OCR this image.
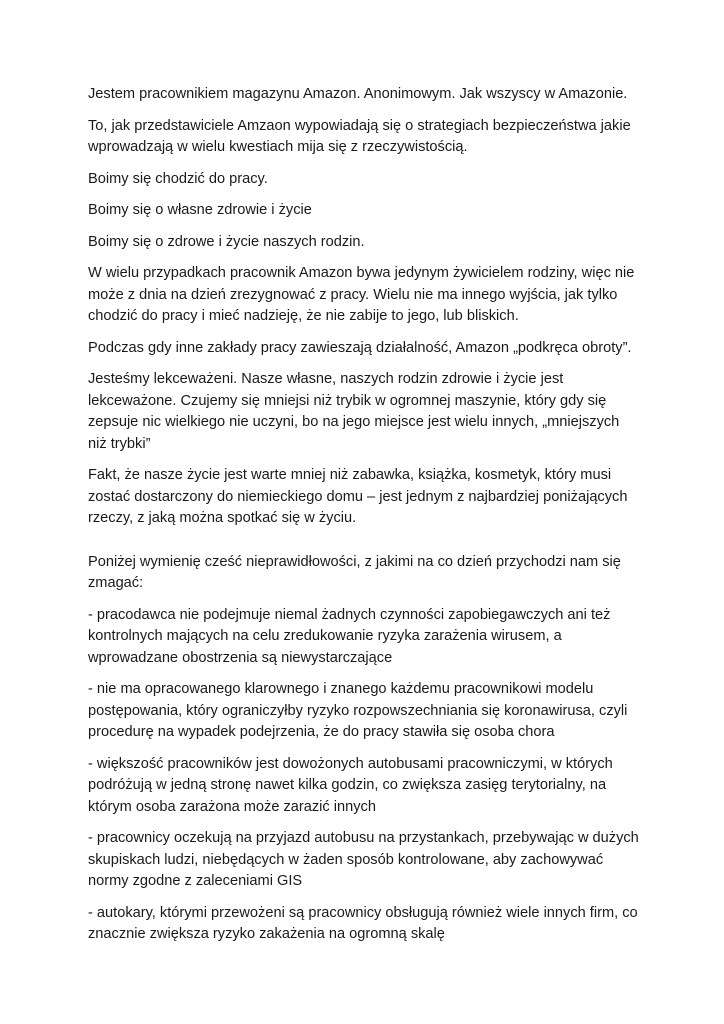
Jestem pracownikiem magazynu Amazon. Anonimowym. Jak wszyscy w Amazonie.

To, jak przedstawiciele Amzaon wypowiadają się o strategiach bezpieczeństwa jakie
wprowadzają w wielu kwestiach mija się z rzeczywistością.

Boimy się chodzić do pracy.

Boimy się o własne zdrowie i życie

Boimy się o zdrowe i życie naszych rodzin.

W wielu przypadkach pracownik Amazon bywa jedynym żywicielem rodziny, więc nie
może z dnia na dzień zrezygnować z pracy. Wielu nie ma innego wyjścia, jak tylko
chodzić do pracy i mieć nadzieję, że nie zabije to jego, lub bliskich.

Podczas gdy inne zakłady pracy zawieszają działalność, Amazon „podkręca obroty”.

Jesteśmy lekceważeni. Nasze własne, naszych rodzin zdrowie i życie jest
lekceważone. Czujemy się mniejsi niż trybik w ogromnej maszynie, który gdy się
zepsuje nic wielkiego nie uczyni, bo na jego miejsce jest wielu innych, „mniejszych
niż trybki”

Fakt, że nasze życie jest warte mniej niż zabawka, książka, kosmetyk, który musi
zostać dostarczony do niemieckiego domu – jest jednym z najbardziej poniżających
rzeczy, z jaką można spotkać się w życiu.

Poniżej wymienię cześć nieprawidłowości, z jakimi na co dzień przychodzi nam się
zmagać:

- pracodawca nie podejmuje niemal żadnych czynności zapobiegawczych ani też
kontrolnych mających na celu zredukowanie ryzyka zarażenia wirusem, a
wprowadzane obostrzenia są niewystarczające

- nie ma opracowanego klarownego i znanego każdemu pracownikowi modelu
postępowania, który ograniczyłby ryzyko rozpowszechniania się koronawirusa, czyli
procedurę na wypadek podejrzenia, że do pracy stawiła się osoba chora

- większość pracowników jest dowożonych autobusami pracowniczymi, w których
podróżują w jedną stronę nawet kilka godzin, co zwiększa zasięg terytorialny, na
którym osoba zarażona może zarazić innych

- pracownicy oczekują na przyjazd autobusu na przystankach, przebywając w dużych
skupiskach ludzi, niebędących w żaden sposób kontrolowane, aby zachowywać
normy zgodne z zaleceniami GIS

- autokary, którymi przewożeni są pracownicy obsługują również wiele innych firm, co
znacznie zwiększa ryzyko zakażenia na ogromną skalę
